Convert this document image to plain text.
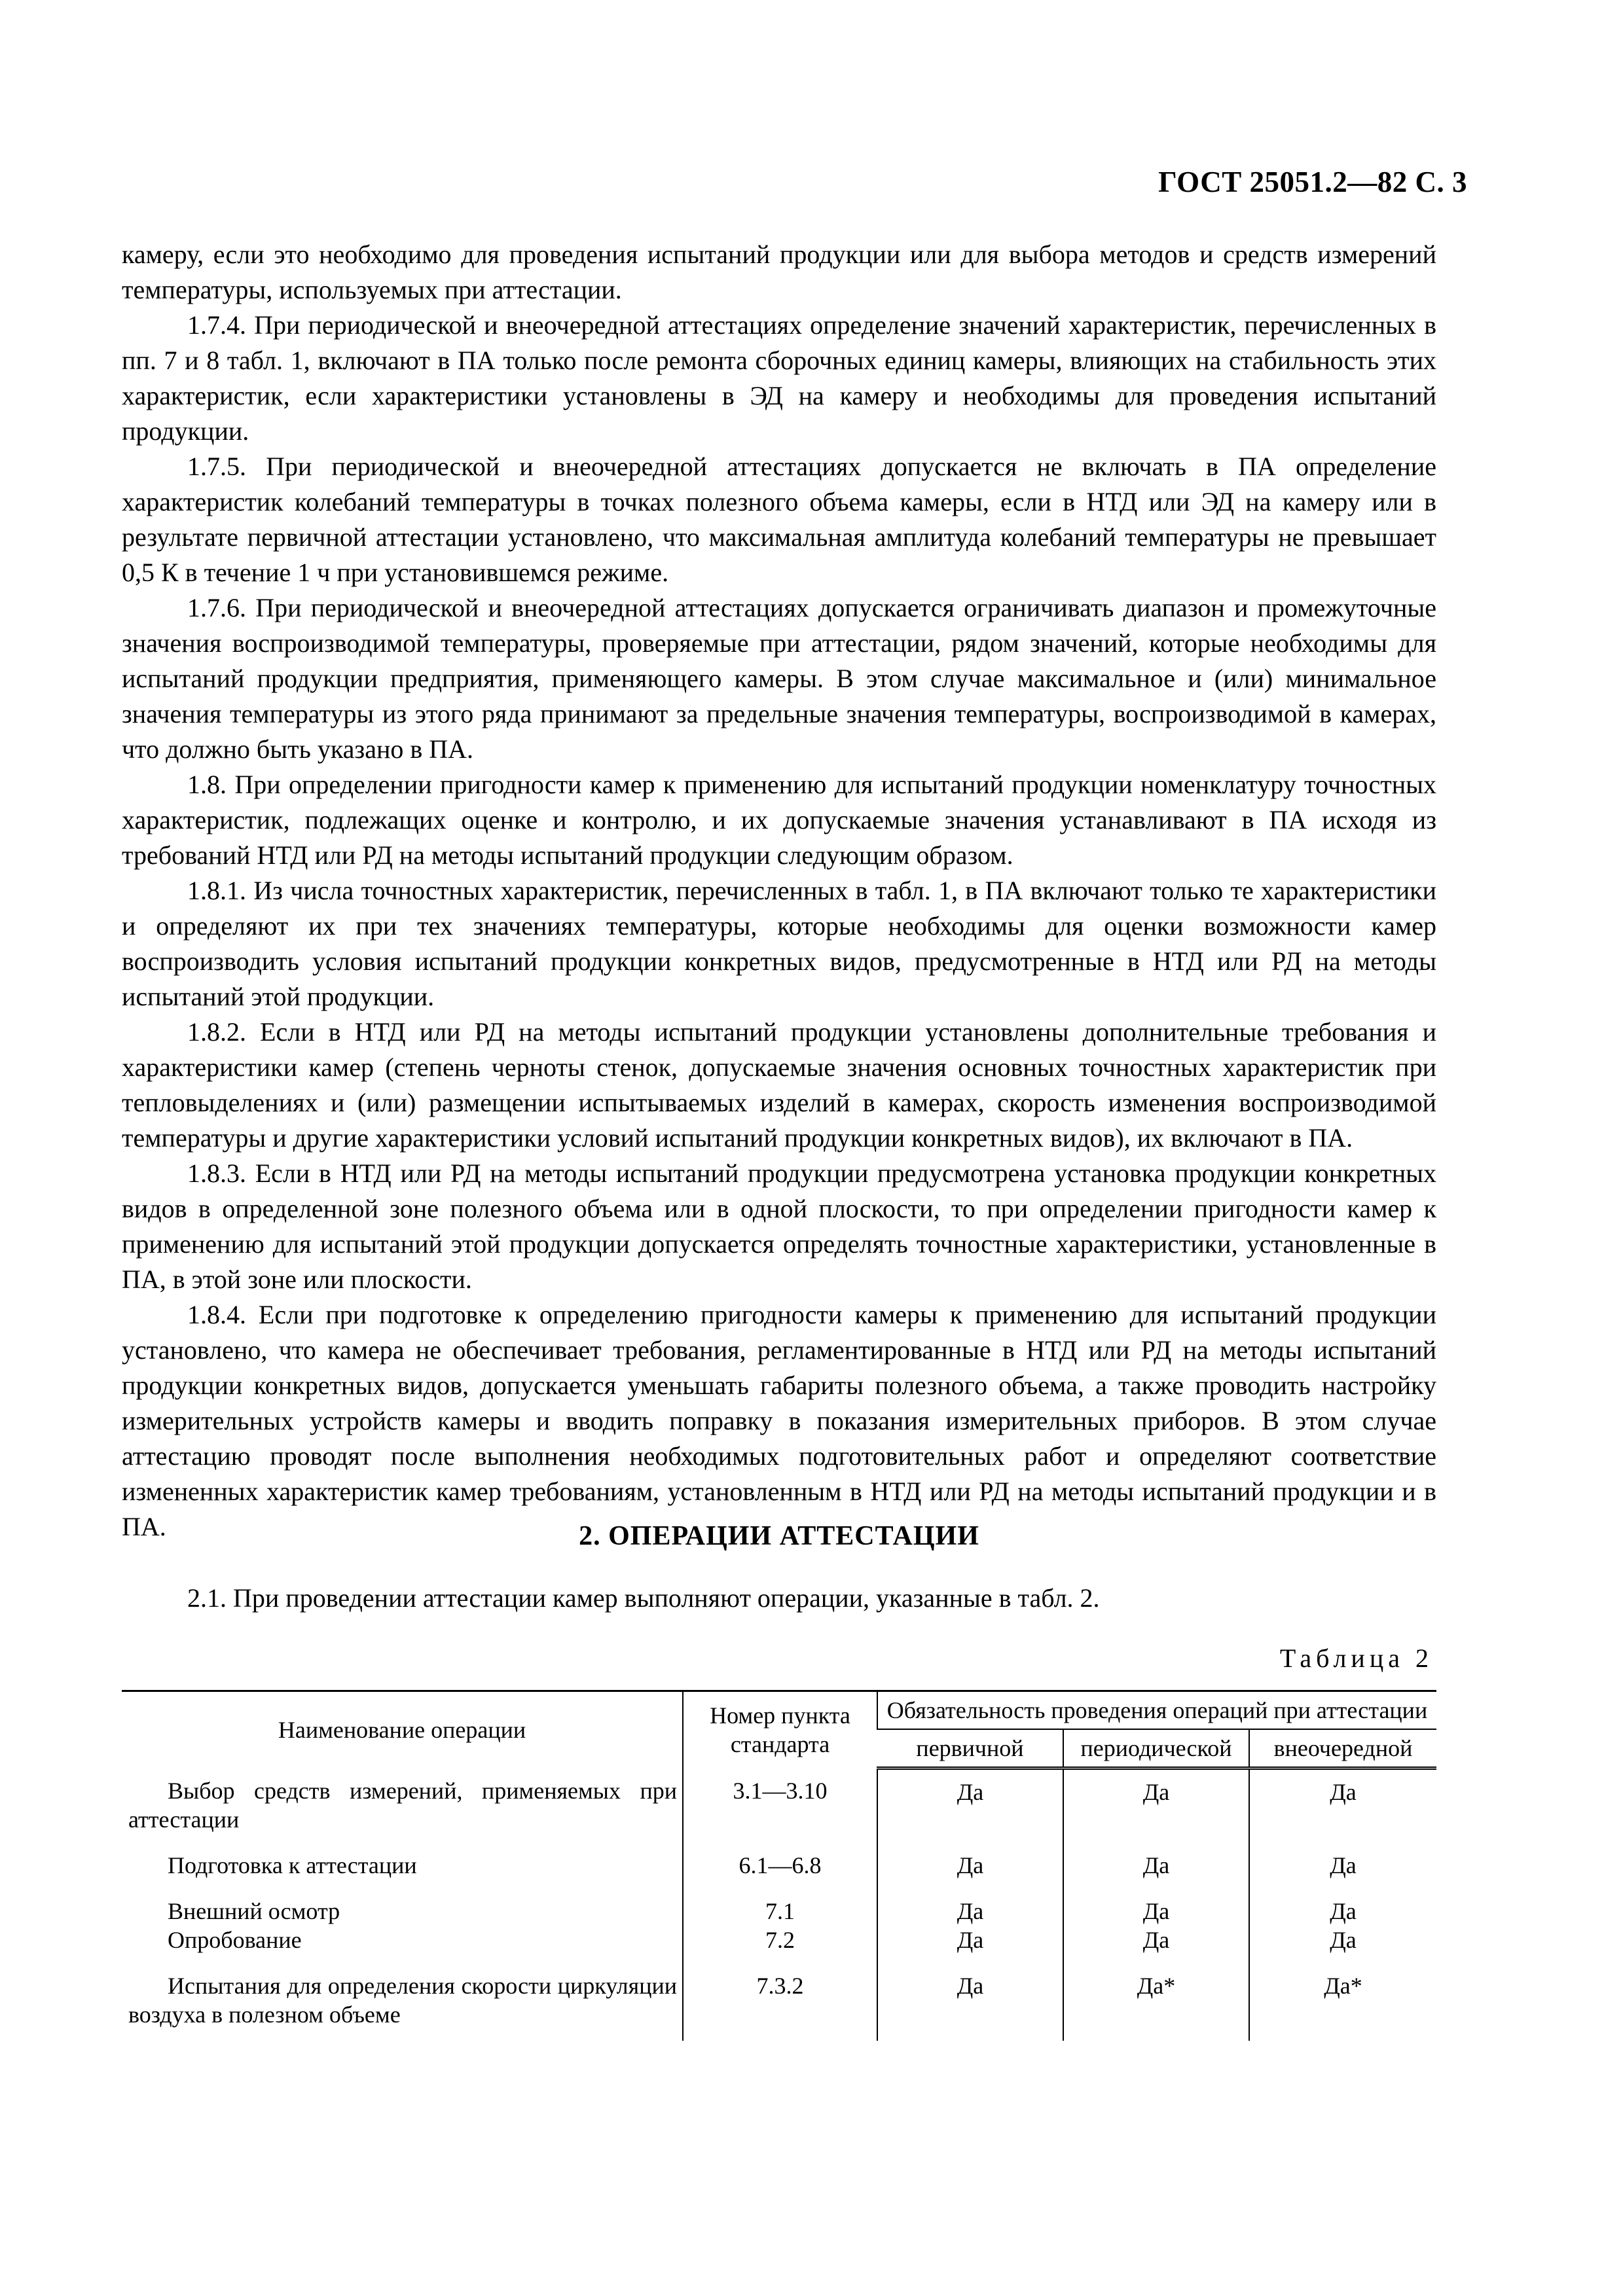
ГОСТ 25051.2—82 С. 3

камеру, если это необходимо для проведения испытаний продукции или для выбора методов и средств измерений температуры, используемых при аттестации.

1.7.4. При периодической и внеочередной аттестациях определение значений характеристик, перечисленных в пп. 7 и 8 табл. 1, включают в ПА только после ремонта сборочных единиц камеры, влияющих на стабильность этих характеристик, если характеристики установлены в ЭД на камеру и необходимы для проведения испытаний продукции.

1.7.5. При периодической и внеочередной аттестациях допускается не включать в ПА определение характеристик колебаний температуры в точках полезного объема камеры, если в НТД или ЭД на камеру или в результате первичной аттестации установлено, что максимальная амплитуда колебаний температуры не превышает 0,5 К в течение 1 ч при установившемся режиме.

1.7.6. При периодической и внеочередной аттестациях допускается ограничивать диапазон и промежуточные значения воспроизводимой температуры, проверяемые при аттестации, рядом значений, которые необходимы для испытаний продукции предприятия, применяющего камеры. В этом случае максимальное и (или) минимальное значения температуры из этого ряда принимают за предельные значения температуры, воспроизводимой в камерах, что должно быть указано в ПА.

1.8. При определении пригодности камер к применению для испытаний продукции номенклатуру точностных характеристик, подлежащих оценке и контролю, и их допускаемые значения устанавливают в ПА исходя из требований НТД или РД на методы испытаний продукции следующим образом.

1.8.1. Из числа точностных характеристик, перечисленных в табл. 1, в ПА включают только те характеристики и определяют их при тех значениях температуры, которые необходимы для оценки возможности камер воспроизводить условия испытаний продукции конкретных видов, предусмотренные в НТД или РД на методы испытаний этой продукции.

1.8.2. Если в НТД или РД на методы испытаний продукции установлены дополнительные требования и характеристики камер (степень черноты стенок, допускаемые значения основных точностных характеристик при тепловыделениях и (или) размещении испытываемых изделий в камерах, скорость изменения воспроизводимой температуры и другие характеристики условий испытаний продукции конкретных видов), их включают в ПА.

1.8.3. Если в НТД или РД на методы испытаний продукции предусмотрена установка продукции конкретных видов в определенной зоне полезного объема или в одной плоскости, то при определении пригодности камер к применению для испытаний этой продукции допускается определять точностные характеристики, установленные в ПА, в этой зоне или плоскости.

1.8.4. Если при подготовке к определению пригодности камеры к применению для испытаний продукции установлено, что камера не обеспечивает требования, регламентированные в НТД или РД на методы испытаний продукции конкретных видов, допускается уменьшать габариты полезного объема, а также проводить настройку измерительных устройств камеры и вводить поправку в показания измерительных приборов. В этом случае аттестацию проводят после выполнения необходимых подготовительных работ и определяют соответствие измененных характеристик камер требованиям, установленным в НТД или РД на методы испытаний продукции и в ПА.	2. ОПЕРАЦИИ АТТЕСТАЦИИ
2.1. При проведении аттестации камер выполняют операции, указанные в табл. 2.
Таблица 2
Наименование операции	Номер пункта стандарта	Обязательность проведения операций при аттестации		
		первичной	периодической	внеочередной
Выбор средств измерений, применяемых при аттестации	3.1—3.10	Да	Да	Да
Подготовка к аттестации	6.1—6.8	Да	Да	Да
Внешний осмотр	7.1	Да	Да	Да
Опробование	7.2	Да	Да	Да
Испытания для определения скорости циркуляции воздуха в полезном объеме	7.3.2	Да	Да*	Да*
